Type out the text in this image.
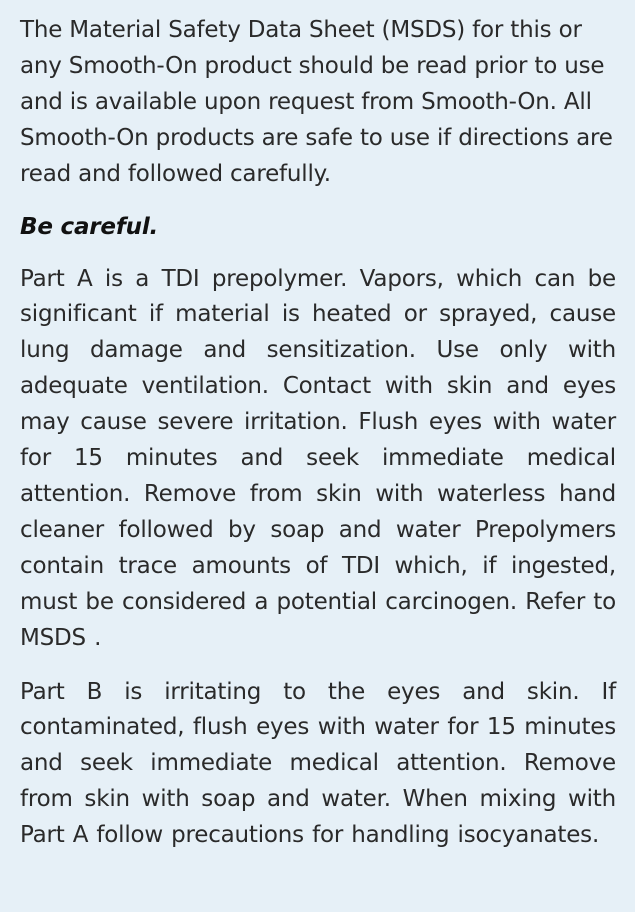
The Material Safety Data Sheet (MSDS) for this or any Smooth-On product should be read prior to use and is available upon request from Smooth-On. All Smooth-On products are safe to use if directions are read and followed carefully.

Be careful.

Part A is a TDI prepolymer. Vapors, which can be significant if material is heated or sprayed, cause lung damage and sensitization. Use only with adequate ventilation. Contact with skin and eyes may cause severe irritation. Flush eyes with water for 15 minutes and seek immediate medical attention. Remove from skin with waterless hand cleaner followed by soap and water Prepolymers contain trace amounts of TDI which, if ingested, must be considered a potential carcinogen. Refer to MSDS .

Part B is irritating to the eyes and skin. If contaminated, flush eyes with water for 15 minutes and seek immediate medical attention. Remove from skin with soap and water. When mixing with Part A follow precautions for handling isocyanates.
